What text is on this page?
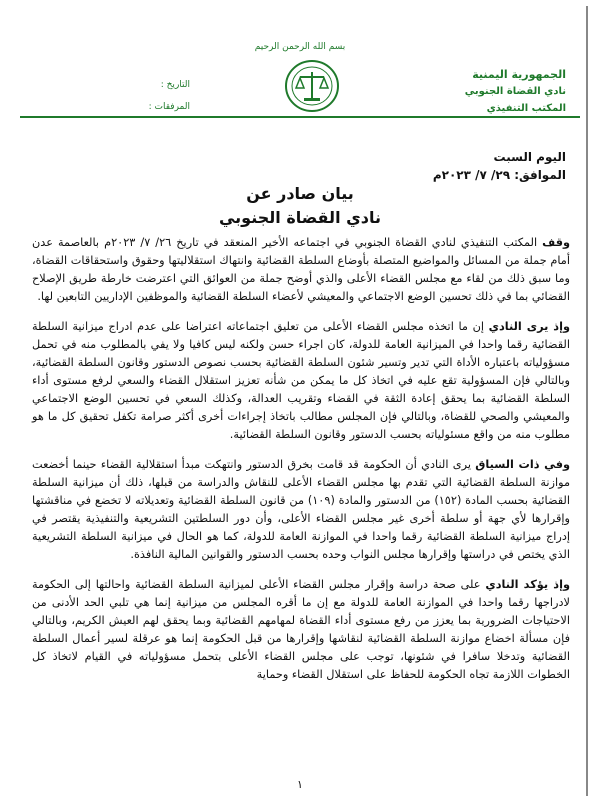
بسم الله الرحمن الرحيم
الجمهورية اليمنية
نادي القضاة الجنوبي
المكتب التنفيذي
التاريخ :
المرفقات :
اليوم السبت
الموافق: ٢٩/ ٧/ ٢٠٢٣م
بيان صادر عن
نادي القضاة الجنوبي

وقف المكتب التنفيذي لنادي القضاة الجنوبي في اجتماعه الأخير المنعقد في تاريخ ٢٦/ ٧/ ٢٠٢٣م بالعاصمة عدن أمام جملة من المسائل والمواضيع المتصلة بأوضاع السلطة القضائية وانتهاك استقلاليتها وحقوق واستحقاقات القضاة، وما سبق ذلك من لقاء مع مجلس القضاء الأعلى والذي أوضح جملة من العوائق التي اعترضت خارطة طريق الإصلاح القضائي بما في ذلك تحسين الوضع الاجتماعي والمعيشي لأعضاء السلطة القضائية والموظفين الإداريين التابعين لها.

وإذ يرى النادي إن ما اتخذه مجلس القضاء الأعلى من تعليق اجتماعاته اعتراضا على عدم ادراج ميزانية السلطة القضائية رقما واحدا في الميزانية العامة للدولة، كان اجراء حسن ولكنه ليس كافيا ولا يفي بالمطلوب منه في تحمل مسؤولياته باعتباره الأداة التي تدير وتسير شئون السلطة القضائية بحسب نصوص الدستور وقانون السلطة القضائية، وبالتالي فإن المسؤولية تقع عليه في اتخاذ كل ما يمكن من شأنه تعزيز استقلال القضاء والسعي لرفع مستوى أداء السلطة القضائية بما يحقق إعادة الثقة في القضاء وتقريب العدالة، وكذلك السعي في تحسين الوضع الاجتماعي والمعيشي والصحي للقضاة، وبالتالي فإن المجلس مطالب باتخاذ إجراءات أخرى أكثر صرامة تكفل تحقيق كل ما هو مطلوب منه من واقع مسئولياته بحسب الدستور وقانون السلطة القضائية.

وفي ذات السياق يرى النادي أن الحكومة قد قامت بخرق الدستور وانتهكت مبدأ استقلالية القضاء حينما أخضعت موازنة السلطة القضائية التي تقدم بها مجلس القضاء الأعلى للنقاش والدراسة من قبلها، ذلك أن ميزانية السلطة القضائية بحسب المادة (١٥٢) من الدستور والمادة (١٠٩) من قانون السلطة القضائية وتعديلاته لا تخضع في مناقشتها وإقرارها لأي جهة أو سلطة أخرى غير مجلس القضاء الأعلى، وأن دور السلطتين التشريعية والتنفيذية يقتصر في إدراج ميزانية السلطة القضائية رقما واحدا في الموازنة العامة للدولة، كما هو الحال في ميزانية السلطة التشريعية الذي يختص في دراستها وإقرارها مجلس النواب وحده بحسب الدستور والقوانين المالية النافذة.

وإذ يؤكد النادي على صحة دراسة وإقرار مجلس القضاء الأعلى لميزانية السلطة القضائية واحالتها إلى الحكومة لادراجها رقما واحدا في الموازنة العامة للدولة مع إن ما أقره المجلس من ميزانية إنما هي تلبي الحد الأدنى من الاحتياجات الضرورية بما يعزز من رفع مستوى أداء القضاة لمهامهم القضائية وبما يحقق لهم العيش الكريم، وبالتالي فإن مسألة اخضاع موازنة السلطة القضائية لنقاشها وإقرارها من قبل الحكومة إنما هو عرقلة لسير أعمال السلطة القضائية وتدخلا سافرا في شئونها، توجب على مجلس القضاء الأعلى بتحمل مسؤولياته في القيام لاتخاذ كل الخطوات اللازمة تجاه الحكومة للحفاظ على استقلال القضاء وحماية

١
